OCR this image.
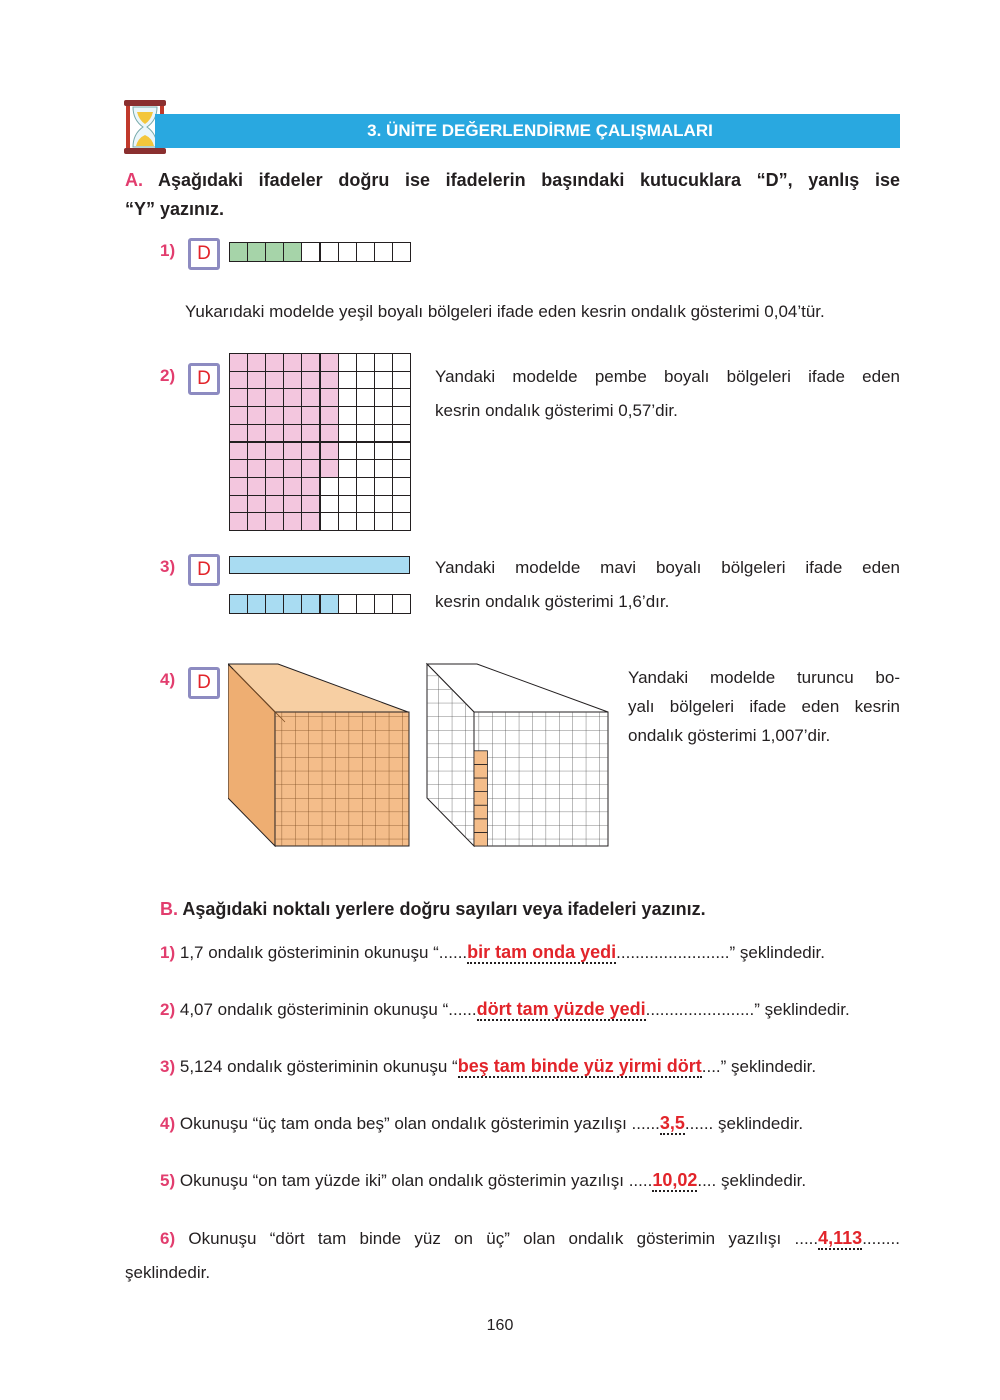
3. ÜNİTE DEĞERLENDİRME ÇALIŞMALARI
A. Aşağıdaki ifadeler doğru ise ifadelerin başındaki kutucuklara “D”, yanlış ise
“Y” yazınız.
1)	D
Yukarıdaki modelde yeşil boyalı bölgeleri ifade eden kesrin ondalık gösterimi 0,04’tür.
2)	D	Yandaki modelde pembe boyalı bölgeleri ifade eden
kesrin ondalık gösterimi 0,57’dir.
3)	D	Yandaki modelde mavi boyalı bölgeleri ifade eden
kesrin ondalık gösterimi 1,6’dır.
4)	D	Yandaki modelde turuncu bo-
yalı bölgeleri ifade eden kesrin
ondalık gösterimi 1,007’dir.
B. Aşağıdaki noktalı yerlere doğru sayıları veya ifadeleri yazınız.
1) 1,7 ondalık gösteriminin okunuşu “......bir tam onda yedi........................” şeklindedir.
2) 4,07 ondalık gösteriminin okunuşu “......dört tam yüzde yedi.......................” şeklindedir.
3) 5,124 ondalık gösteriminin okunuşu “beş tam binde yüz yirmi dört....” şeklindedir.
4) Okunuşu “üç tam onda beş” olan ondalık gösterimin yazılışı ......3,5...... şeklindedir.
5) Okunuşu “on tam yüzde iki” olan ondalık gösterimin yazılışı .....10,02.... şeklindedir.
6) Okunuşu “dört tam binde yüz on üç” olan ondalık gösterimin yazılışı .....4,113........
şeklindedir.
160
